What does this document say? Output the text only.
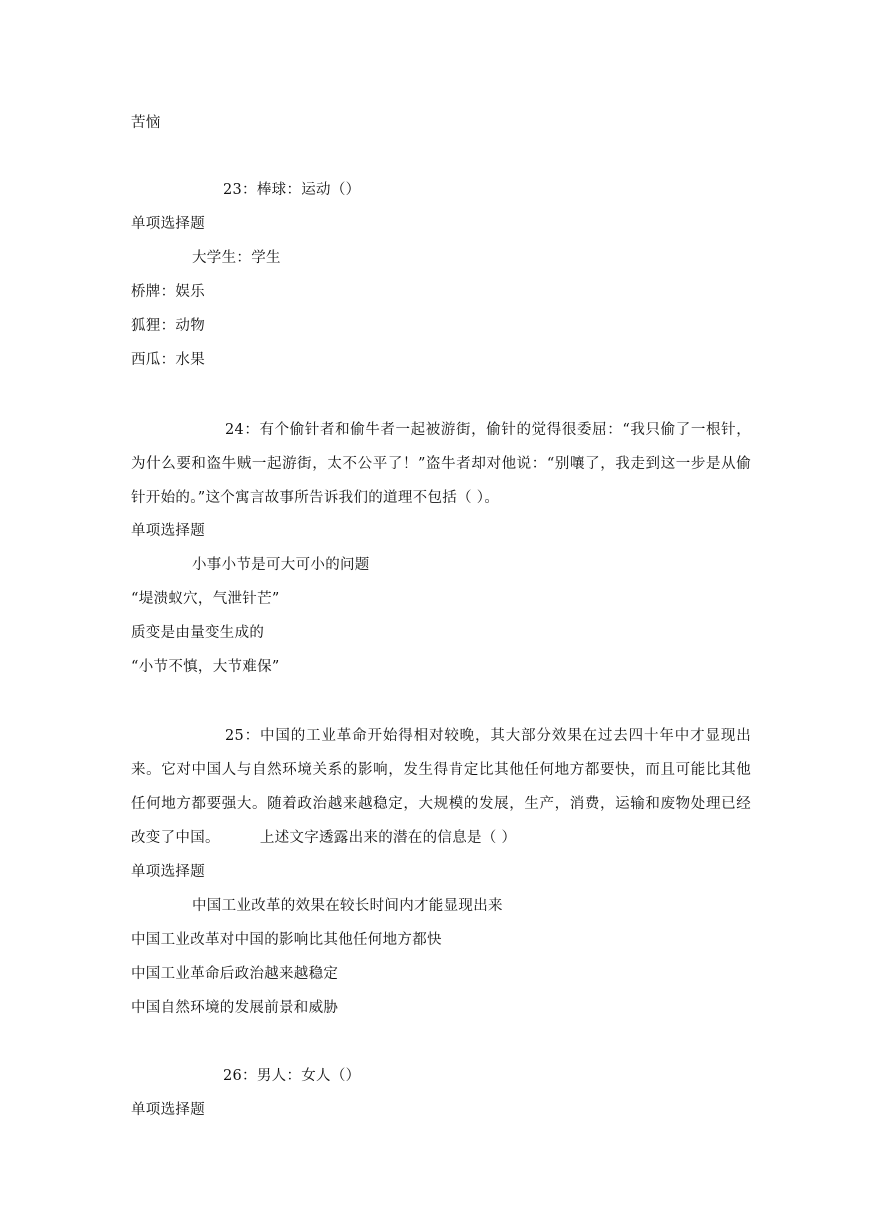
苦恼
23：棒球：运动（）
单项选择题
大学生：学生
桥牌：娱乐
狐狸：动物
西瓜：水果
24：有个偷针者和偷牛者一起被游街，偷针的觉得很委屈：“我只偷了一根针，为什么要和盗牛贼一起游街，太不公平了！”盗牛者却对他说：“别嚷了，我走到这一步是从偷针开始的。”这个寓言故事所告诉我们的道理不包括（ ）。
单项选择题
小事小节是可大可小的问题
“堤溃蚁穴，气泄针芒”
质变是由量变生成的
“小节不慎，大节难保”
25：中国的工业革命开始得相对较晚，其大部分效果在过去四十年中才显现出来。它对中国人与自然环境关系的影响，发生得肯定比其他任何地方都要快，而且可能比其他任何地方都要强大。随着政治越来越稳定，大规模的发展，生产，消费，运输和废物处理已经改变了中国。	上述文字透露出来的潜在的信息是（ ）
单项选择题
中国工业改革的效果在较长时间内才能显现出来
中国工业改革对中国的影响比其他任何地方都快
中国工业革命后政治越来越稳定
中国自然环境的发展前景和威胁
26：男人：女人（）
单项选择题
